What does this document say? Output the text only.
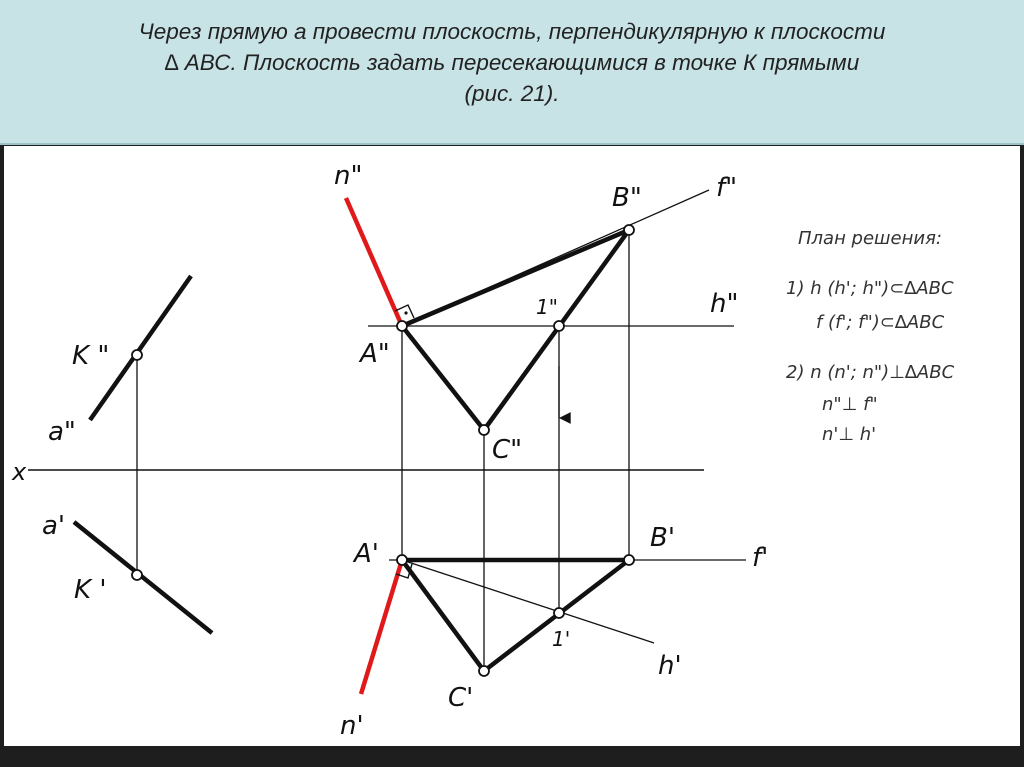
Через прямую а провести плоскость, перпендикулярную к плоскости
∆ АВС. Плоскость задать пересекающимися в точке К прямыми
(рис. 21).
n"
B"	f"
h"
1"
A"
C"
K "
a"
x
a'
K '
A'
B'
f'
1'
h'
C'
n'
План решения:
1) h (h'; h")⊂∆ABC
f (f'; f")⊂∆ABC
2) n (n'; n")⊥∆ABC
n"⊥ f"
n'⊥ h'
